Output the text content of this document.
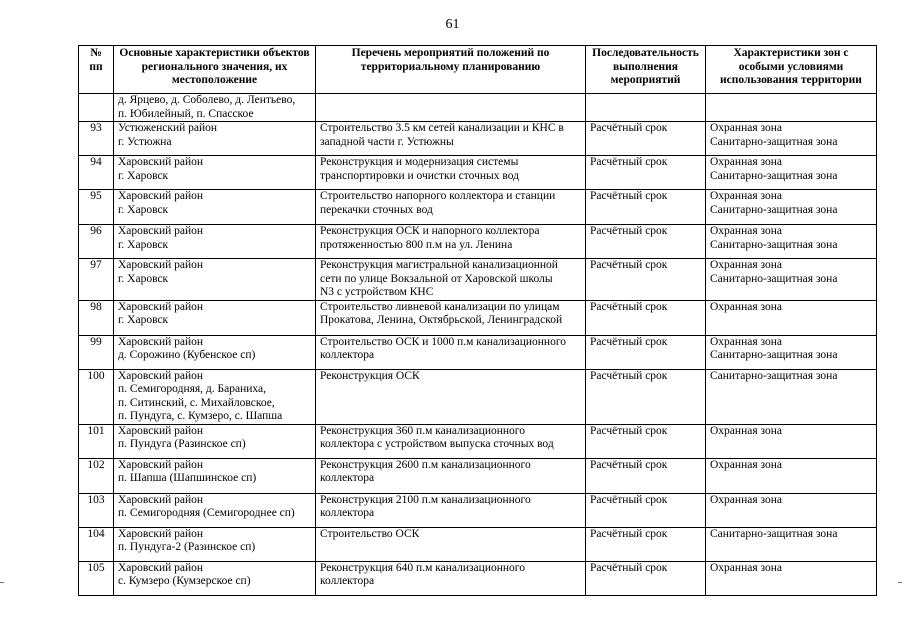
61
№
пп	Основные характеристики объектов
регионального значения, их
местоположение	Перечень мероприятий положений по
территориальному планированию	Последовательность
выполнения
мероприятий	Характеристики зон с
особыми условиями
использования территории

	д. Ярцево, д. Соболево, д. Лентьево,
п. Юбилейный, п. Спасское			

93	Устюженский район
г. Устюжна	Строительство 3.5 км сетей канализации и КНС в
западной части г. Устюжны	Расчётный срок	Охранная зона
Санитарно-защитная зона

94	Харовский район
г. Харовск	Реконструкция и модернизация системы
транспортировки и очистки сточных вод	Расчётный срок	Охранная зона
Санитарно-защитная зона

95	Харовский район
г. Харовск	Строительство напорного коллектора и станции
перекачки сточных вод	Расчётный срок	Охранная зона
Санитарно-защитная зона

96	Харовский район
г. Харовск	Реконструкция ОСК и напорного коллектора
протяженностью 800 п.м на ул. Ленина	Расчётный срок	Охранная зона
Санитарно-защитная зона

97	Харовский район
г. Харовск	Реконструкция магистральной канализационной
сети по улице Вокзальной от Харовской школы
N3 с устройством КНС	Расчётный срок	Охранная зона
Санитарно-защитная зона

98	Харовский район
г. Харовск	Строительство ливневой канализации по улицам
Прокатова, Ленина, Октябрьской, Ленинградской	Расчётный срок	Охранная зона

99	Харовский район
д. Сорожино (Кубенское сп)	Строительство ОСК и 1000 п.м канализационного
коллектора	Расчётный срок	Охранная зона
Санитарно-защитная зона

100	Харовский район
п. Семигородняя, д. Бараниха,
п. Ситинский, с. Михайловское,
п. Пундуга, с. Кумзеро, с. Шапша	Реконструкция ОСК	Расчётный срок	Санитарно-защитная зона

101	Харовский район
п. Пундуга (Разинское сп)	Реконструкция 360 п.м канализационного
коллектора с устройством выпуска сточных вод	Расчётный срок	Охранная зона

102	Харовский район
п. Шапша (Шапшинское сп)	Реконструкция 2600 п.м канализационного
коллектора	Расчётный срок	Охранная зона

103	Харовский район
п. Семигородняя (Семигороднее сп)	Реконструкция 2100 п.м канализационного
коллектора	Расчётный срок	Охранная зона

104	Харовский район
п. Пундуга-2 (Разинское сп)	Строительство ОСК	Расчётный срок	Санитарно-защитная зона

105	Харовский район
с. Кумзеро (Кумзерское сп)	Реконструкция 640 п.м канализационного
коллектора	Расчётный срок	Охранная зона
